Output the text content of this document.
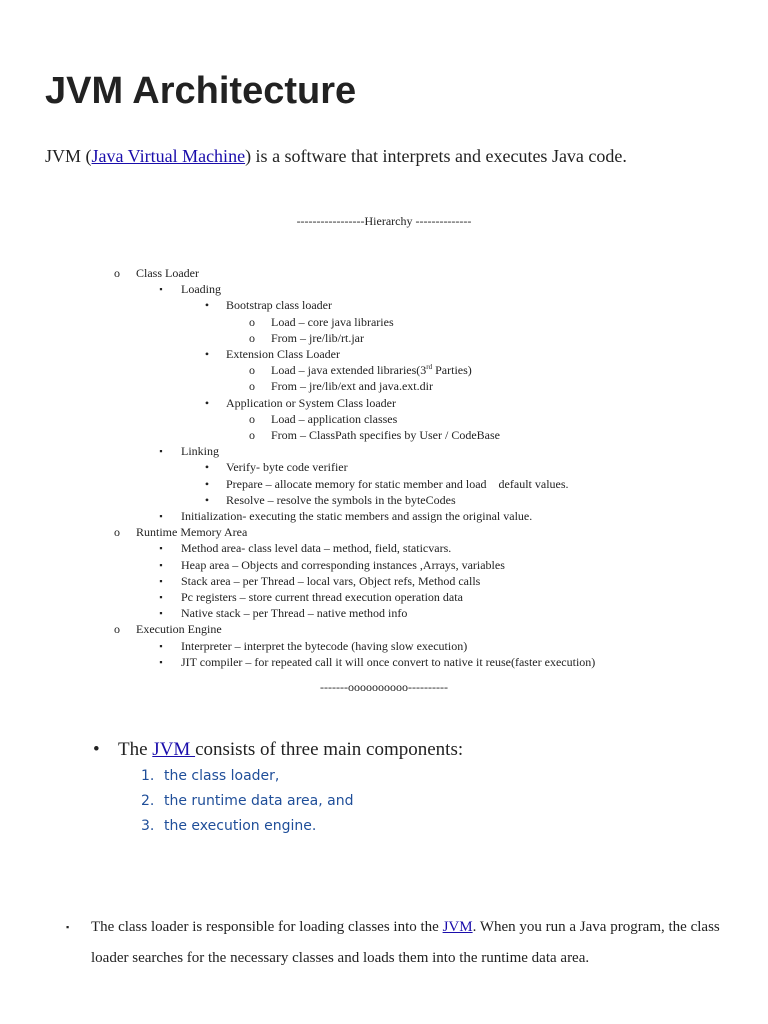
JVM Architecture

JVM (Java Virtual Machine) is a software that interprets and executes Java code.

-----------------Hierarchy --------------

o Class Loader
▪ Loading
• Bootstrap class loader
o Load – core java libraries
o From – jre/lib/rt.jar
• Extension Class Loader
o Load – java extended libraries(3rd Parties)
o From – jre/lib/ext and java.ext.dir
• Application or System Class loader
o Load – application classes
o From – ClassPath specifies by User / CodeBase
▪ Linking
• Verify- byte code verifier
• Prepare – allocate memory for static member and load    default values.
• Resolve – resolve the symbols in the byteCodes
▪ Initialization- executing the static members and assign the original value.
o Runtime Memory Area
▪ Method area- class level data – method, field, staticvars.
▪ Heap area – Objects and corresponding instances ,Arrays, variables
▪ Stack area – per Thread – local vars, Object refs, Method calls
▪ Pc registers – store current thread execution operation data
▪ Native stack – per Thread – native method info
o Execution Engine
▪ Interpreter – interpret the bytecode (having slow execution)
▪ JIT compiler – for repeated call it will once convert to native it reuse(faster execution)

-------oooooooooo----------

• The JVM consists of three main components:
1. the class loader,
2. the runtime data area, and
3. the execution engine.
▪ The class loader is responsible for loading classes into the JVM. When you run a Java program, the class loader searches for the necessary classes and loads them into the runtime data area.
